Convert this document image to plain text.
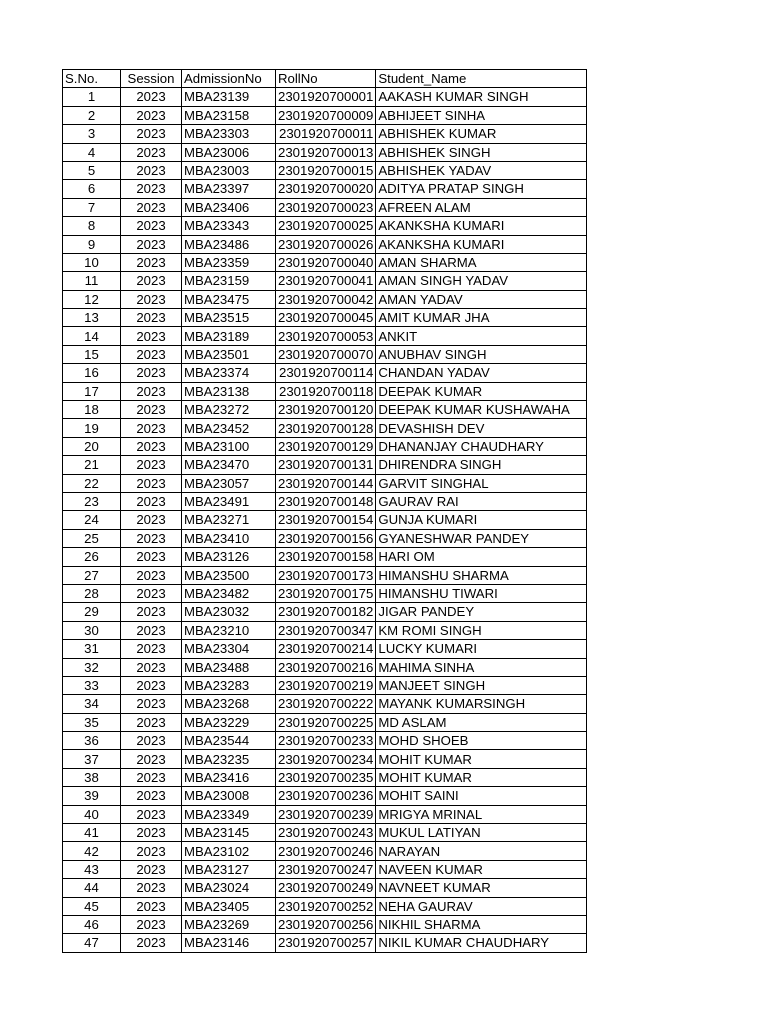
S.No.	Session	AdmissionNo	RollNo	Student_Name
1	2023	MBA23139	2301920700001	AAKASH KUMAR SINGH
2	2023	MBA23158	2301920700009	ABHIJEET SINHA
3	2023	MBA23303	2301920700011	ABHISHEK KUMAR
4	2023	MBA23006	2301920700013	ABHISHEK SINGH
5	2023	MBA23003	2301920700015	ABHISHEK YADAV
6	2023	MBA23397	2301920700020	ADITYA PRATAP SINGH
7	2023	MBA23406	2301920700023	AFREEN ALAM
8	2023	MBA23343	2301920700025	AKANKSHA KUMARI
9	2023	MBA23486	2301920700026	AKANKSHA KUMARI
10	2023	MBA23359	2301920700040	AMAN SHARMA
11	2023	MBA23159	2301920700041	AMAN SINGH YADAV
12	2023	MBA23475	2301920700042	AMAN YADAV
13	2023	MBA23515	2301920700045	AMIT KUMAR JHA
14	2023	MBA23189	2301920700053	ANKIT
15	2023	MBA23501	2301920700070	ANUBHAV SINGH
16	2023	MBA23374	2301920700114	CHANDAN YADAV
17	2023	MBA23138	2301920700118	DEEPAK KUMAR
18	2023	MBA23272	2301920700120	DEEPAK KUMAR KUSHAWAHA
19	2023	MBA23452	2301920700128	DEVASHISH DEV
20	2023	MBA23100	2301920700129	DHANANJAY CHAUDHARY
21	2023	MBA23470	2301920700131	DHIRENDRA SINGH
22	2023	MBA23057	2301920700144	GARVIT SINGHAL
23	2023	MBA23491	2301920700148	GAURAV RAI
24	2023	MBA23271	2301920700154	GUNJA KUMARI
25	2023	MBA23410	2301920700156	GYANESHWAR PANDEY
26	2023	MBA23126	2301920700158	HARI OM
27	2023	MBA23500	2301920700173	HIMANSHU SHARMA
28	2023	MBA23482	2301920700175	HIMANSHU TIWARI
29	2023	MBA23032	2301920700182	JIGAR PANDEY
30	2023	MBA23210	2301920700347	KM ROMI SINGH
31	2023	MBA23304	2301920700214	LUCKY KUMARI
32	2023	MBA23488	2301920700216	MAHIMA SINHA
33	2023	MBA23283	2301920700219	MANJEET SINGH
34	2023	MBA23268	2301920700222	MAYANK KUMARSINGH
35	2023	MBA23229	2301920700225	MD ASLAM
36	2023	MBA23544	2301920700233	MOHD SHOEB
37	2023	MBA23235	2301920700234	MOHIT KUMAR
38	2023	MBA23416	2301920700235	MOHIT KUMAR
39	2023	MBA23008	2301920700236	MOHIT SAINI
40	2023	MBA23349	2301920700239	MRIGYA MRINAL
41	2023	MBA23145	2301920700243	MUKUL LATIYAN
42	2023	MBA23102	2301920700246	NARAYAN
43	2023	MBA23127	2301920700247	NAVEEN KUMAR
44	2023	MBA23024	2301920700249	NAVNEET KUMAR
45	2023	MBA23405	2301920700252	NEHA GAURAV
46	2023	MBA23269	2301920700256	NIKHIL SHARMA
47	2023	MBA23146	2301920700257	NIKIL KUMAR CHAUDHARY
